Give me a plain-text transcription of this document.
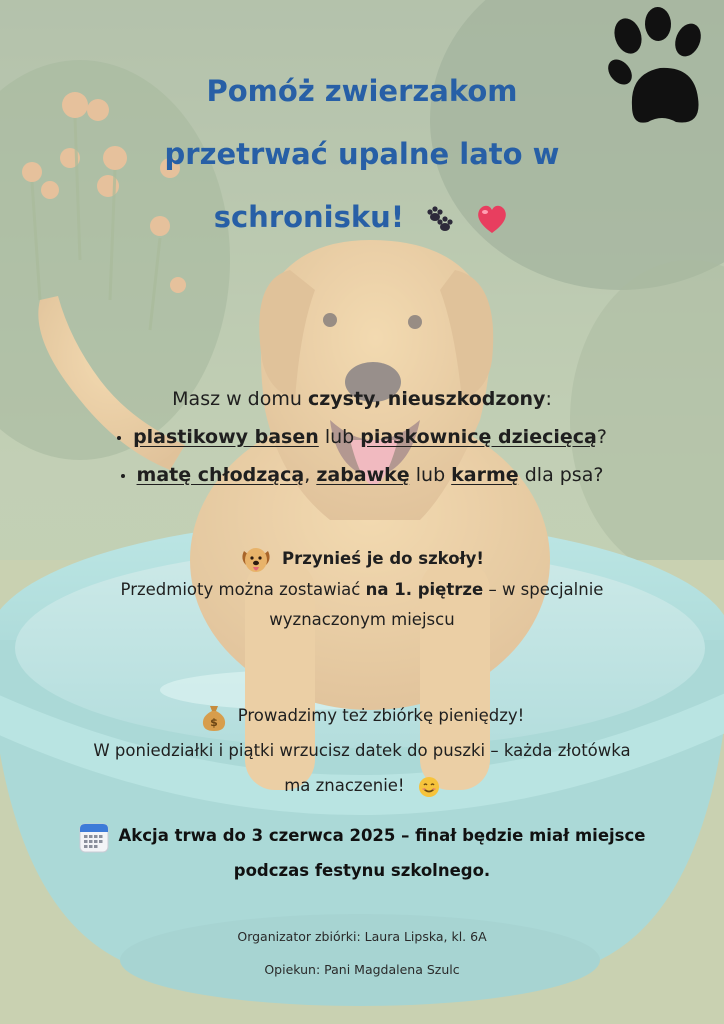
Pomóż zwierzakom
przetrwać upalne lato w
schronisku!
Masz w domu czysty, nieuszkodzony:
plastikowy basen lub piaskownicę dziecięcą?
matę chłodzącą, zabawkę lub karmę dla psa?
Przynieś je do szkoły!
Przedmioty można zostawiać na 1. piętrze – w specjalnie
wyznaczonym miejscu
$ Prowadzimy też zbiórkę pieniędzy!
W poniedziałki i piątki wrzucisz datek do puszki – każda złotówka
ma znaczenie!
Akcja trwa do 3 czerwca 2025 – finał będzie miał miejsce
podczas festynu szkolnego.
Organizator zbiórki: Laura Lipska, kl. 6A
Opiekun: Pani Magdalena Szulc
